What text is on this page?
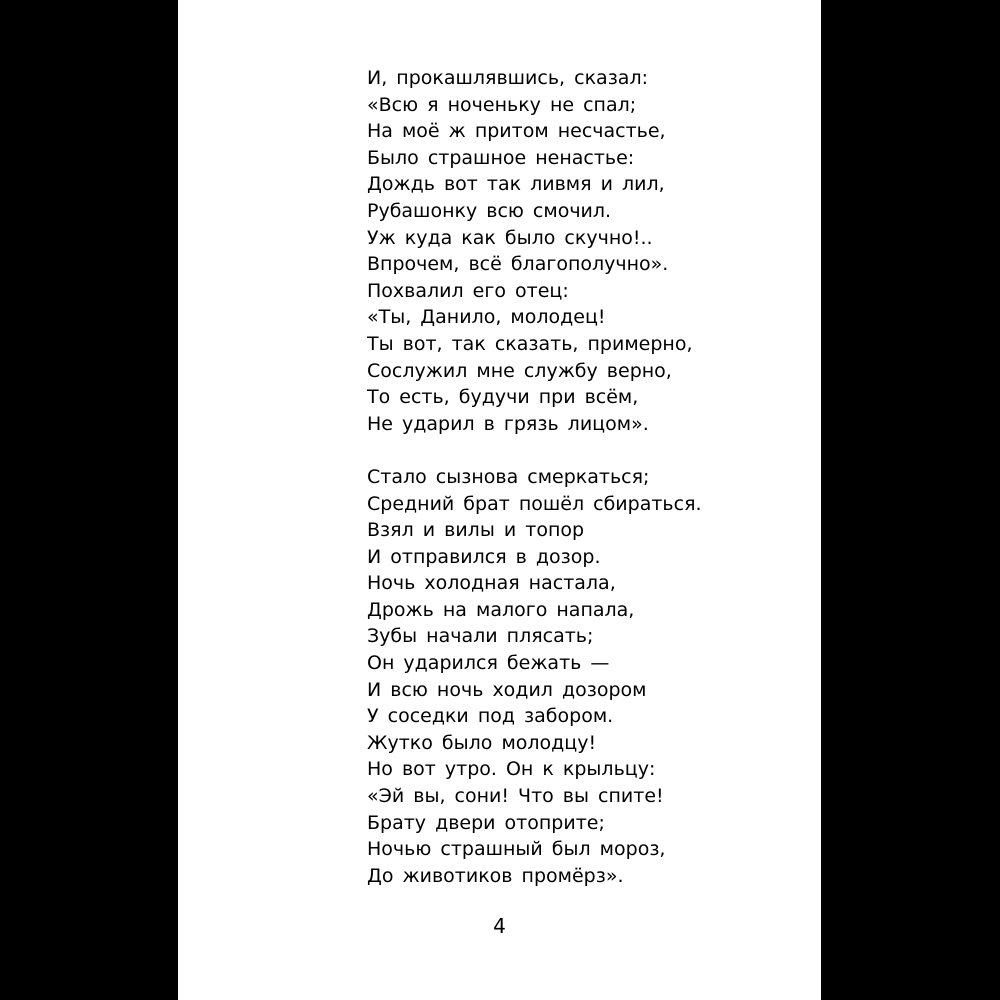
И, прокашлявшись, сказал:
«Всю я ноченьку не спал;
На моё ж притом несчастье,
Было страшное ненастье:
Дождь вот так ливмя и лил,
Рубашонку всю смочил.
Уж куда как было скучно!..
Впрочем, всё благополучно».
Похвалил его отец:
«Ты, Данило, молодец!
Ты вот, так сказать, примерно,
Сослужил мне службу верно,
То есть, будучи при всём,
Не ударил в грязь лицом».
Стало сызнова смеркаться;
Средний брат пошёл сбираться.
Взял и вилы и топор
И отправился в дозор.
Ночь холодная настала,
Дрожь на малого напала,
Зубы начали плясать;
Он ударился бежать —
И всю ночь ходил дозором
У соседки под забором.
Жутко было молодцу!
Но вот утро. Он к крыльцу:
«Эй вы, сони! Что вы спите!
Брату двери отоприте;
Ночью страшный был мороз,
До животиков промёрз».
4
